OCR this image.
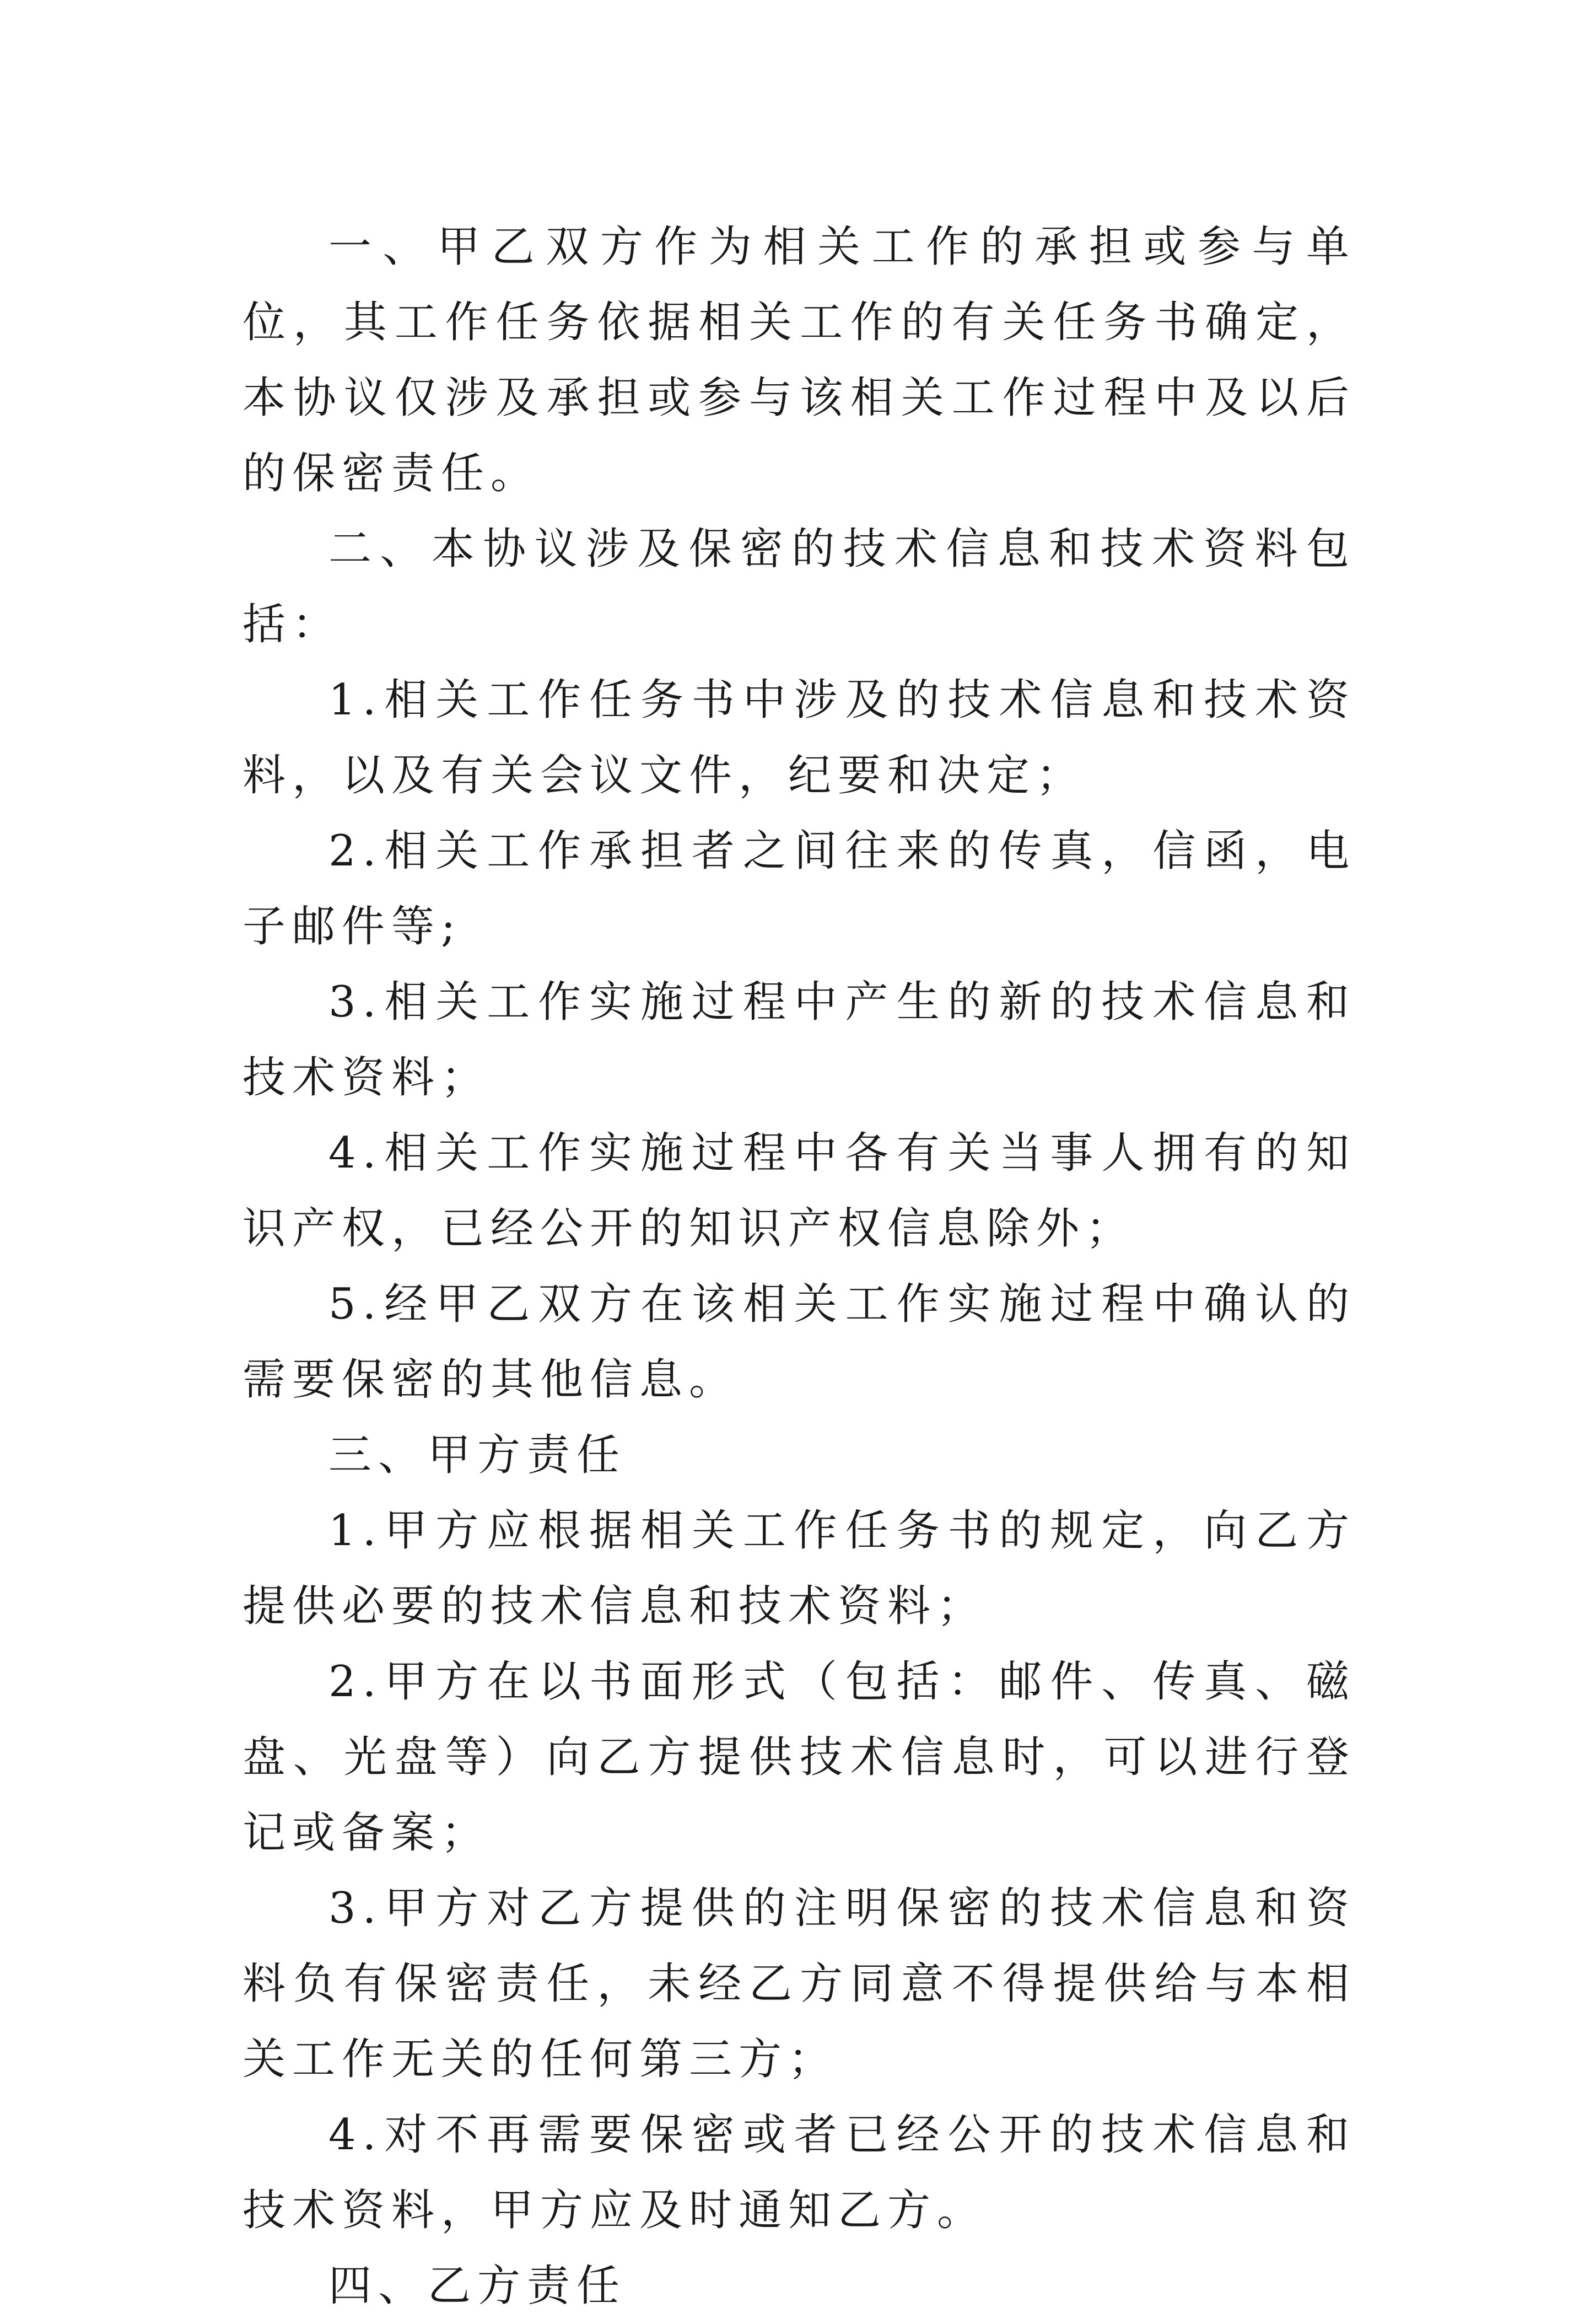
一、甲乙双方作为相关工作的承担或参与单位，其工作任务依据相关工作的有关任务书确定，本协议仅涉及承担或参与该相关工作过程中及以后的保密责任。

二、本协议涉及保密的技术信息和技术资料包括：

1.相关工作任务书中涉及的技术信息和技术资料，以及有关会议文件，纪要和决定；

2.相关工作承担者之间往来的传真，信函，电子邮件等;

3.相关工作实施过程中产生的新的技术信息和技术资料；

4.相关工作实施过程中各有关当事人拥有的知识产权，已经公开的知识产权信息除外；

5.经甲乙双方在该相关工作实施过程中确认的需要保密的其他信息。

三、甲方责任

1.甲方应根据相关工作任务书的规定，向乙方提供必要的技术信息和技术资料；

2.甲方在以书面形式（包括：邮件、传真、磁盘、光盘等）向乙方提供技术信息时，可以进行登记或备案；

3.甲方对乙方提供的注明保密的技术信息和资料负有保密责任，未经乙方同意不得提供给与本相关工作无关的任何第三方；

4.对不再需要保密或者已经公开的技术信息和技术资料，甲方应及时通知乙方。

四、乙方责任
